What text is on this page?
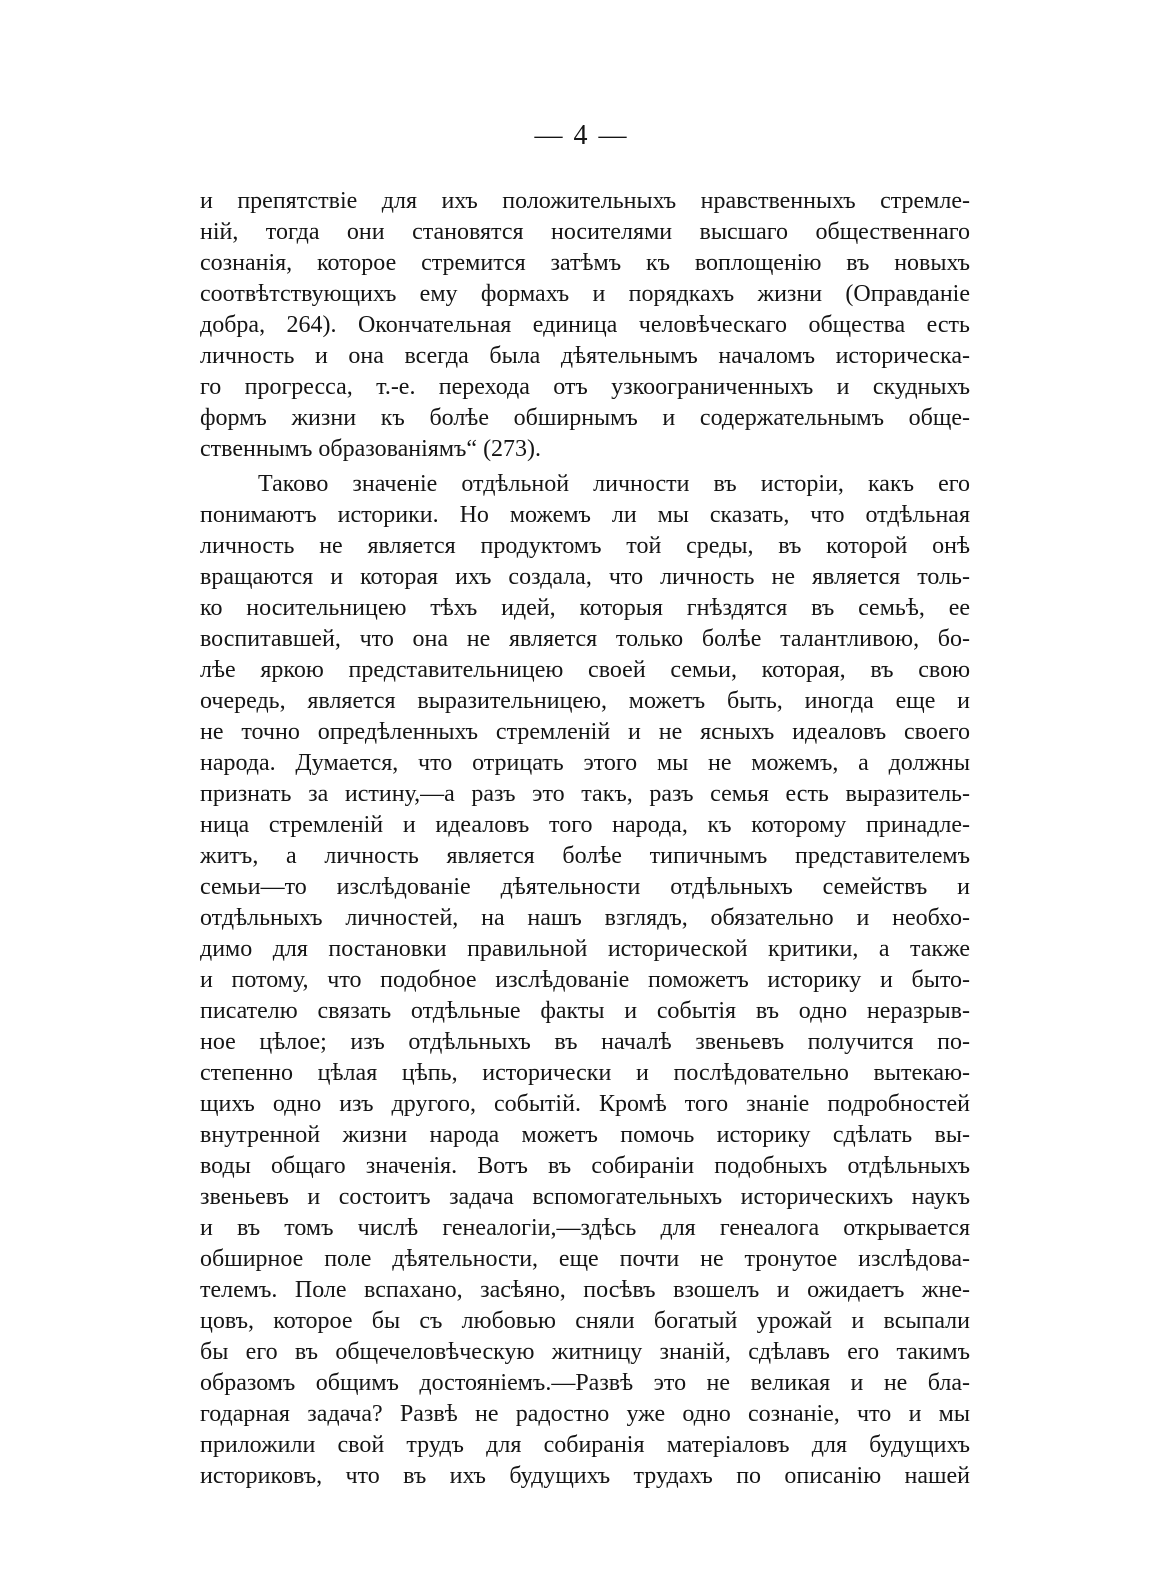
— 4 —
и препятствіе для ихъ положительныхъ нравственныхъ стремле-
ній, тогда они становятся носителями высшаго общественнаго
сознанія, которое стремится затѣмъ къ воплощенію въ новыхъ
соотвѣтствующихъ ему формахъ и порядкахъ жизни (Оправданіе
добра, 264). Окончательная единица человѣческаго общества есть
личность и она всегда была дѣятельнымъ началомъ историческа-
го прогресса, т.-е. перехода отъ узкоограниченныхъ и скудныхъ
формъ жизни къ болѣе обширнымъ и содержательнымъ обще-
ственнымъ образованіямъ“ (273).
Таково значеніе отдѣльной личности въ исторіи, какъ его
понимаютъ историки. Но можемъ ли мы сказать, что отдѣльная
личность не является продуктомъ той среды, въ которой онѣ
вращаются и которая ихъ создала, что личность не является толь-
ко носительницею тѣхъ идей, которыя гнѣздятся въ семьѣ, ее
воспитавшей, что она не является только болѣе талантливою, бо-
лѣе яркою представительницею своей семьи, которая, въ свою
очередь, является выразительницею, можетъ быть, иногда еще и
не точно опредѣленныхъ стремленій и не ясныхъ идеаловъ своего
народа. Думается, что отрицать этого мы не можемъ, а должны
признать за истину,—а разъ это такъ, разъ семья есть выразитель-
ница стремленій и идеаловъ того народа, къ которому принадле-
житъ, а личность является болѣе типичнымъ представителемъ
семьи—то изслѣдованіе дѣятельности отдѣльныхъ семействъ и
отдѣльныхъ личностей, на нашъ взглядъ, обязательно и необхо-
димо для постановки правильной исторической критики, а также
и потому, что подобное изслѣдованіе поможетъ историку и быто-
писателю связать отдѣльные факты и событія въ одно неразрыв-
ное цѣлое; изъ отдѣльныхъ въ началѣ звеньевъ получится по-
степенно цѣлая цѣпь, исторически и послѣдовательно вытекаю-
щихъ одно изъ другого, событій. Кромѣ того знаніе подробностей
внутренной жизни народа можетъ помочь историку сдѣлать вы-
воды общаго значенія. Вотъ въ собираніи подобныхъ отдѣльныхъ
звеньевъ и состоитъ задача вспомогательныхъ историческихъ наукъ
и въ томъ числѣ генеалогіи,—здѣсь для генеалога открывается
обширное поле дѣятельности, еще почти не тронутое изслѣдова-
телемъ. Поле вспахано, засѣяно, посѣвъ взошелъ и ожидаетъ жне-
цовъ, которое бы съ любовью сняли богатый урожай и всыпали
бы его въ общечеловѣческую житницу знаній, сдѣлавъ его такимъ
образомъ общимъ достояніемъ.—Развѣ это не великая и не бла-
годарная задача? Развѣ не радостно уже одно сознаніе, что и мы
приложили свой трудъ для собиранія матеріаловъ для будущихъ
историковъ, что въ ихъ будущихъ трудахъ по описанію нашей
